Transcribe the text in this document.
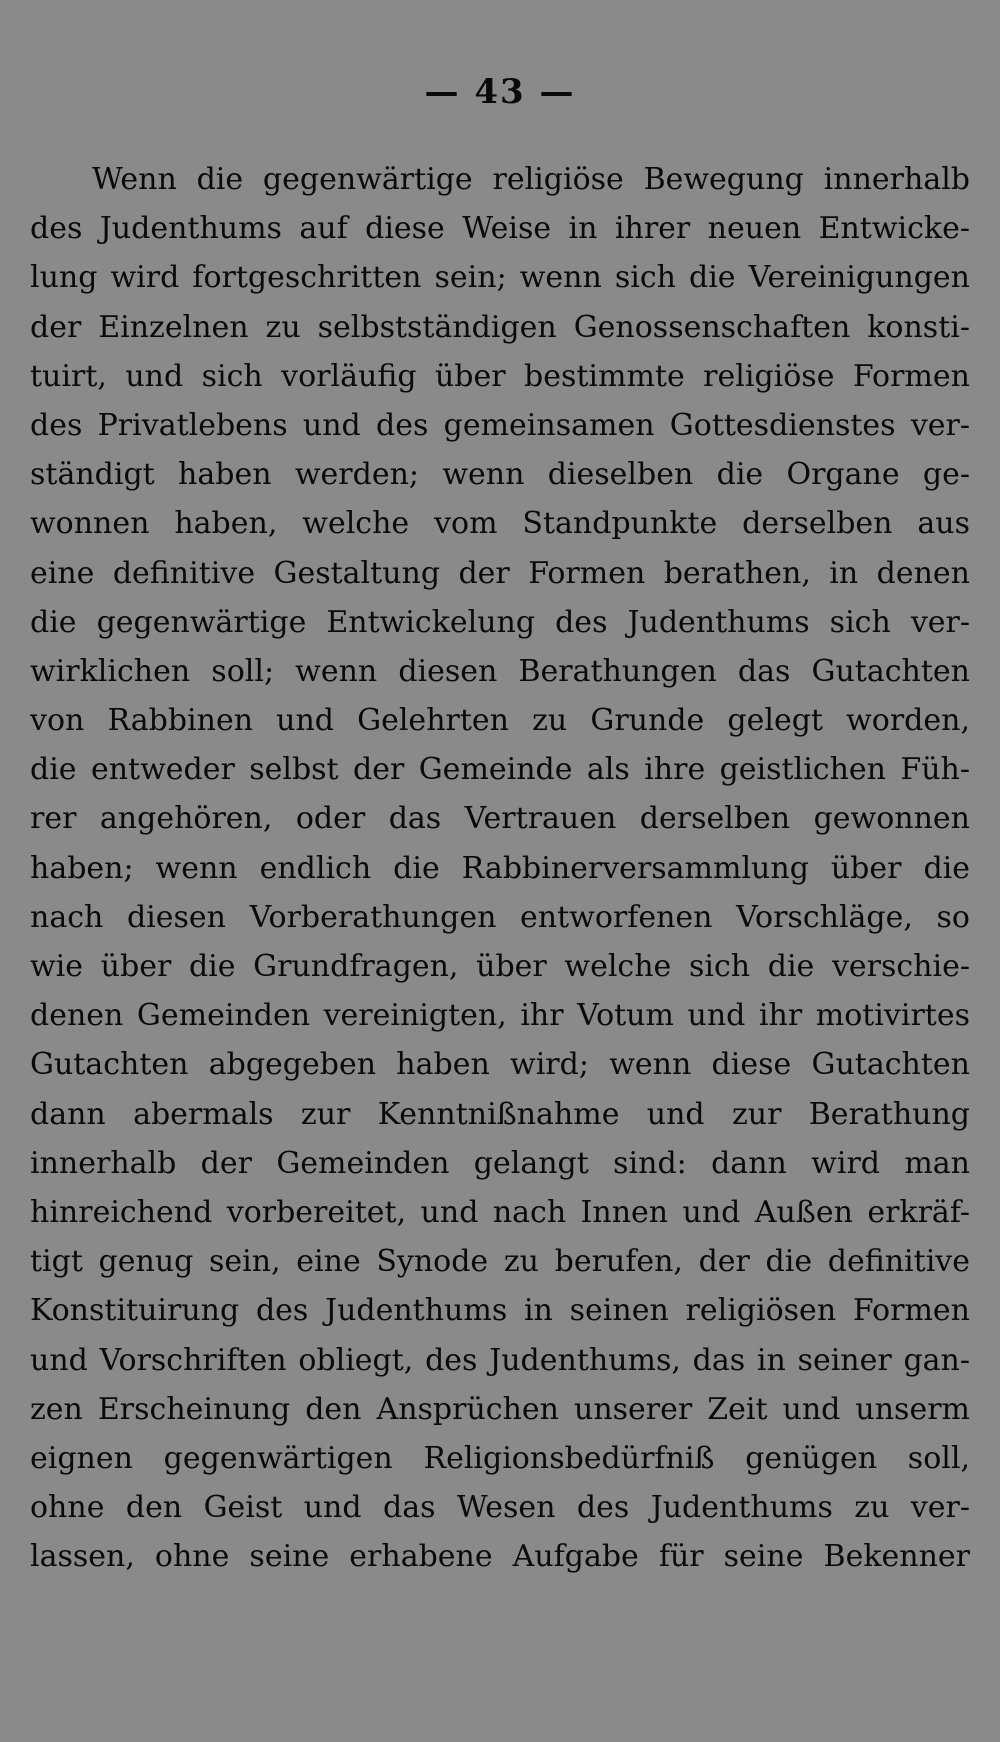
— 43 —
Wenn die gegenwärtige religiöse Bewegung innerhalb
des Judenthums auf diese Weise in ihrer neuen Entwicke-
lung wird fortgeschritten sein; wenn sich die Vereinigungen
der Einzelnen zu selbstständigen Genossenschaften konsti-
tuirt, und sich vorläufig über bestimmte religiöse Formen
des Privatlebens und des gemeinsamen Gottesdienstes ver-
ständigt haben werden; wenn dieselben die Organe ge-
wonnen haben, welche vom Standpunkte derselben aus
eine definitive Gestaltung der Formen berathen, in denen
die gegenwärtige Entwickelung des Judenthums sich ver-
wirklichen soll; wenn diesen Berathungen das Gutachten
von Rabbinen und Gelehrten zu Grunde gelegt worden,
die entweder selbst der Gemeinde als ihre geistlichen Füh-
rer angehören, oder das Vertrauen derselben gewonnen
haben; wenn endlich die Rabbinerversammlung über die
nach diesen Vorberathungen entworfenen Vorschläge, so
wie über die Grundfragen, über welche sich die verschie-
denen Gemeinden vereinigten, ihr Votum und ihr motivirtes
Gutachten abgegeben haben wird; wenn diese Gutachten
dann abermals zur Kenntnißnahme und zur Berathung
innerhalb der Gemeinden gelangt sind: dann wird man
hinreichend vorbereitet, und nach Innen und Außen erkräf-
tigt genug sein, eine Synode zu berufen, der die definitive
Konstituirung des Judenthums in seinen religiösen Formen
und Vorschriften obliegt, des Judenthums, das in seiner gan-
zen Erscheinung den Ansprüchen unserer Zeit und unserm
eignen gegenwärtigen Religionsbedürfniß genügen soll,
ohne den Geist und das Wesen des Judenthums zu ver-
lassen, ohne seine erhabene Aufgabe für seine Bekenner
